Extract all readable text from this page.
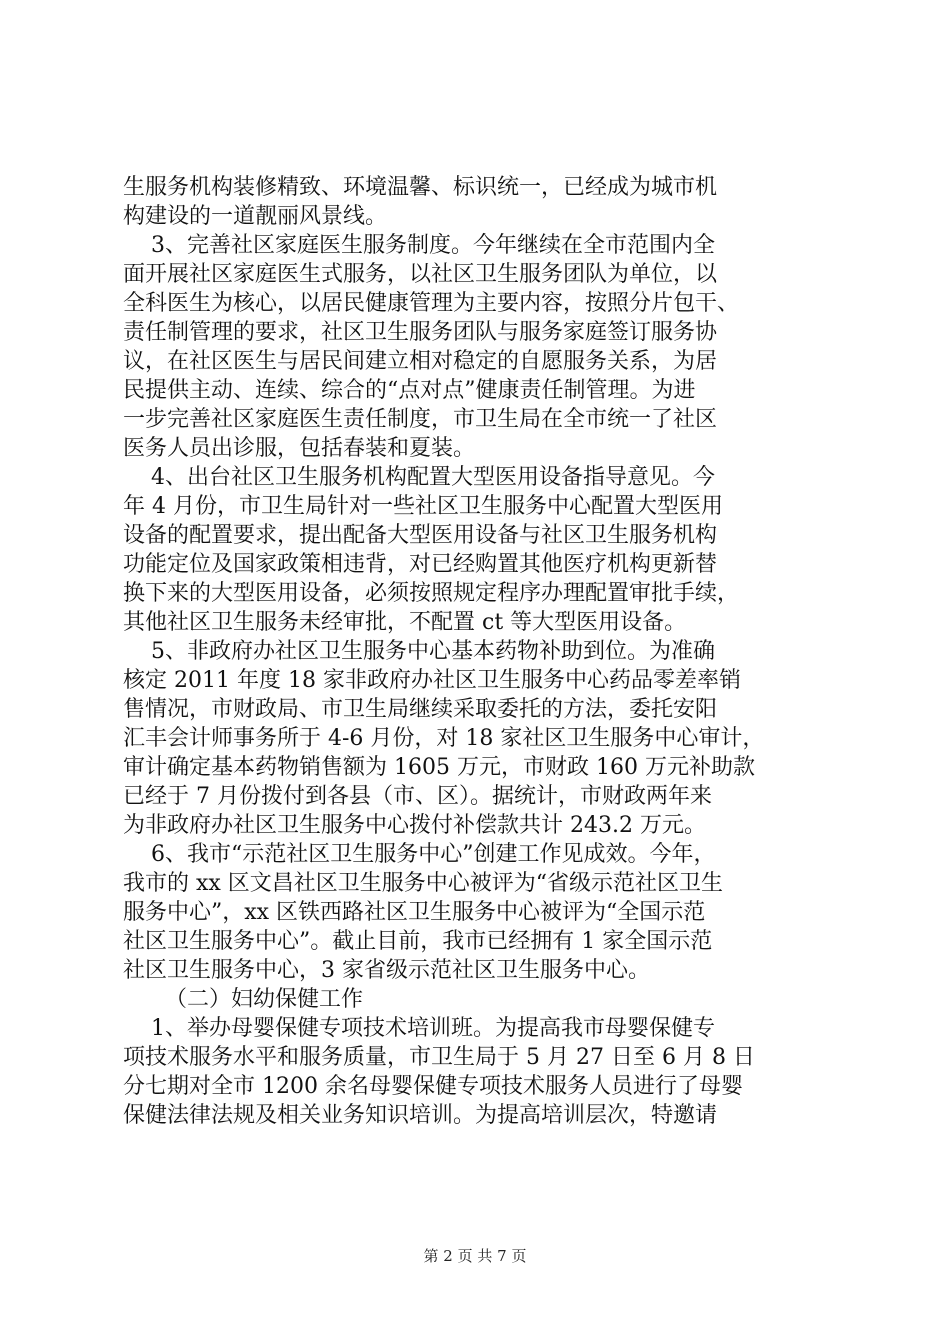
生服务机构装修精致、环境温馨、标识统一，已经成为城市机
构建设的一道靓丽风景线。
3、完善社区家庭医生服务制度。今年继续在全市范围内全
面开展社区家庭医生式服务，以社区卫生服务团队为单位，以
全科医生为核心，以居民健康管理为主要内容，按照分片包干、
责任制管理的要求，社区卫生服务团队与服务家庭签订服务协
议，在社区医生与居民间建立相对稳定的自愿服务关系，为居
民提供主动、连续、综合的“点对点”健康责任制管理。为进
一步完善社区家庭医生责任制度，市卫生局在全市统一了社区
医务人员出诊服，包括春装和夏装。
4、出台社区卫生服务机构配置大型医用设备指导意见。今
年 4 月份，市卫生局针对一些社区卫生服务中心配置大型医用
设备的配置要求，提出配备大型医用设备与社区卫生服务机构
功能定位及国家政策相违背，对已经购置其他医疗机构更新替
换下来的大型医用设备，必须按照规定程序办理配置审批手续，
其他社区卫生服务未经审批，不配置 ct 等大型医用设备。
5、非政府办社区卫生服务中心基本药物补助到位。为准确
核定 2011 年度 18 家非政府办社区卫生服务中心药品零差率销
售情况，市财政局、市卫生局继续采取委托的方法，委托安阳
汇丰会计师事务所于 4-6 月份，对 18 家社区卫生服务中心审计，
审计确定基本药物销售额为 1605 万元，市财政 160 万元补助款
已经于 7 月份拨付到各县（市、区）。据统计，市财政两年来
为非政府办社区卫生服务中心拨付补偿款共计 243.2 万元。
6、我市“示范社区卫生服务中心”创建工作见成效。今年，
我市的 xx 区文昌社区卫生服务中心被评为“省级示范社区卫生
服务中心”，xx 区铁西路社区卫生服务中心被评为“全国示范
社区卫生服务中心”。截止目前，我市已经拥有 1 家全国示范
社区卫生服务中心，3 家省级示范社区卫生服务中心。
（二）妇幼保健工作
1、举办母婴保健专项技术培训班。为提高我市母婴保健专
项技术服务水平和服务质量，市卫生局于 5 月 27 日至 6 月 8 日
分七期对全市 1200 余名母婴保健专项技术服务人员进行了母婴
保健法律法规及相关业务知识培训。为提高培训层次，特邀请
第 2 页 共 7 页
